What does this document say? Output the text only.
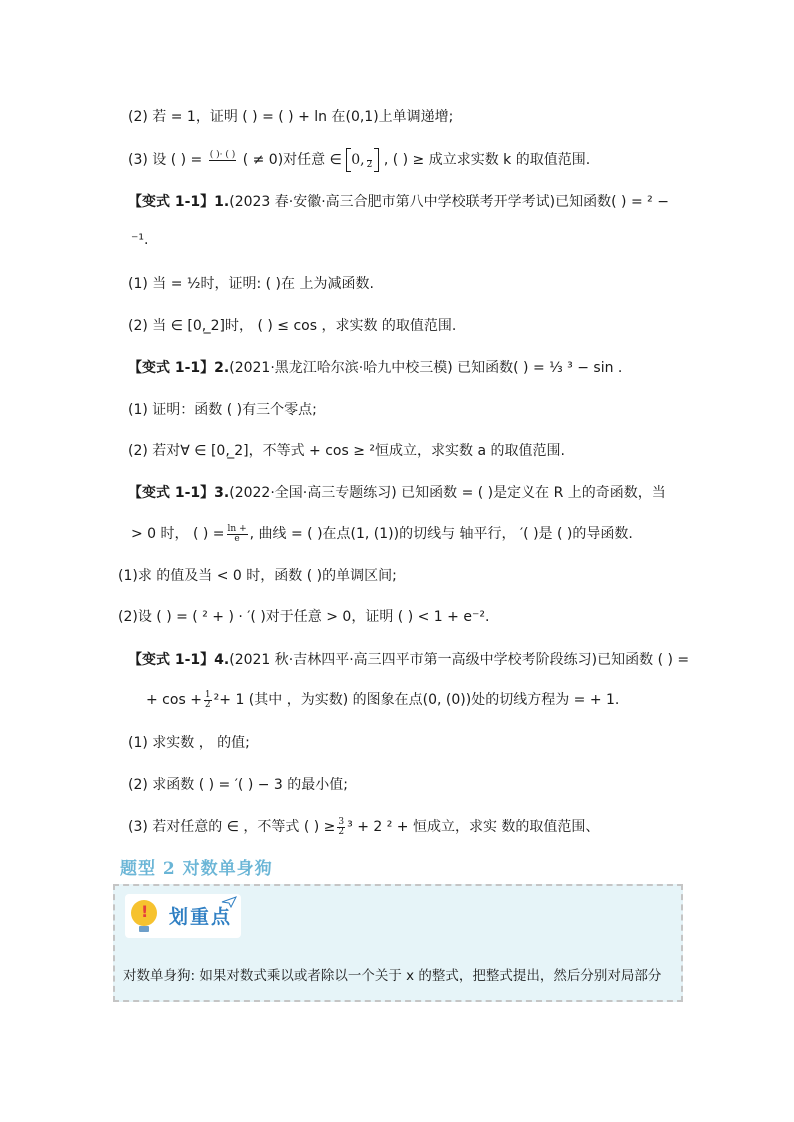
(2) 若 = 1，证明 ( ) = ( ) + ln 在(0,1)上单调递增;
(3) 设 ( ) = ( )· ( )
( ≠ 0)对任意 ∈ 0,
2 , ( ) ≥ 成立求实数 k 的取值范围.
【变式 1-1】1.(2023 春·安徽·高三合肥市第八中学校联考开学考试)已知函数( ) = ² −
⁻¹.
(1) 当 = ½时，证明: ( )在 上为减函数.
(2) 当 ∈ [0, ̲2]时， ( ) ≤ cos ，求实数 的取值范围.
【变式 1-1】2.(2021·黑龙江哈尔滨·哈九中校三模) 已知函数( ) = ⅓ ³ − sin .
(1) 证明：函数 ( )有三个零点;
(2) 若对∀ ∈ [0, ̲2]，不等式 + cos ≥ ²恒成立，求实数 a 的取值范围.
【变式 1-1】3.(2022·全国·高三专题练习) 已知函数 = ( )是定义在 R 上的奇函数，当
> 0 时， ( ) = $\frac{\ln +}{e}$ , 曲线 = ( )在点(1, (1))的切线与 轴平行， ′( )是 ( )的导函数.
(1)求 的值及当 < 0 时，函数 ( )的单调区间;
(2)设 ( ) = ( ² + ) · ′( )对于任意 > 0，证明 ( ) < 1 + e⁻².
【变式 1-1】4.(2021 秋·吉林四平·高三四平市第一高级中学校考阶段练习)已知函数 ( ) =
+ $\cos + \frac{1}{2} ^2+ 1$ (其中 ，为实数) 的图象在点(0, (0))处的切线方程为 = + 1.
(1) 求实数 ， 的值;
(2) 求函数 ( ) = ′( ) − 3 的最小值;
(3) 若对任意的 ∈ ，不等式 ( ) ≥ $\frac{3}{2} ^3 + 2$ ² + 恒成立，求实 数的取值范围、
题型 2 对数单身狗
! 划重点
对数单身狗: 如果对数式乘以或者除以一个关于 x 的整式，把整式提出，然后分别对局部分
